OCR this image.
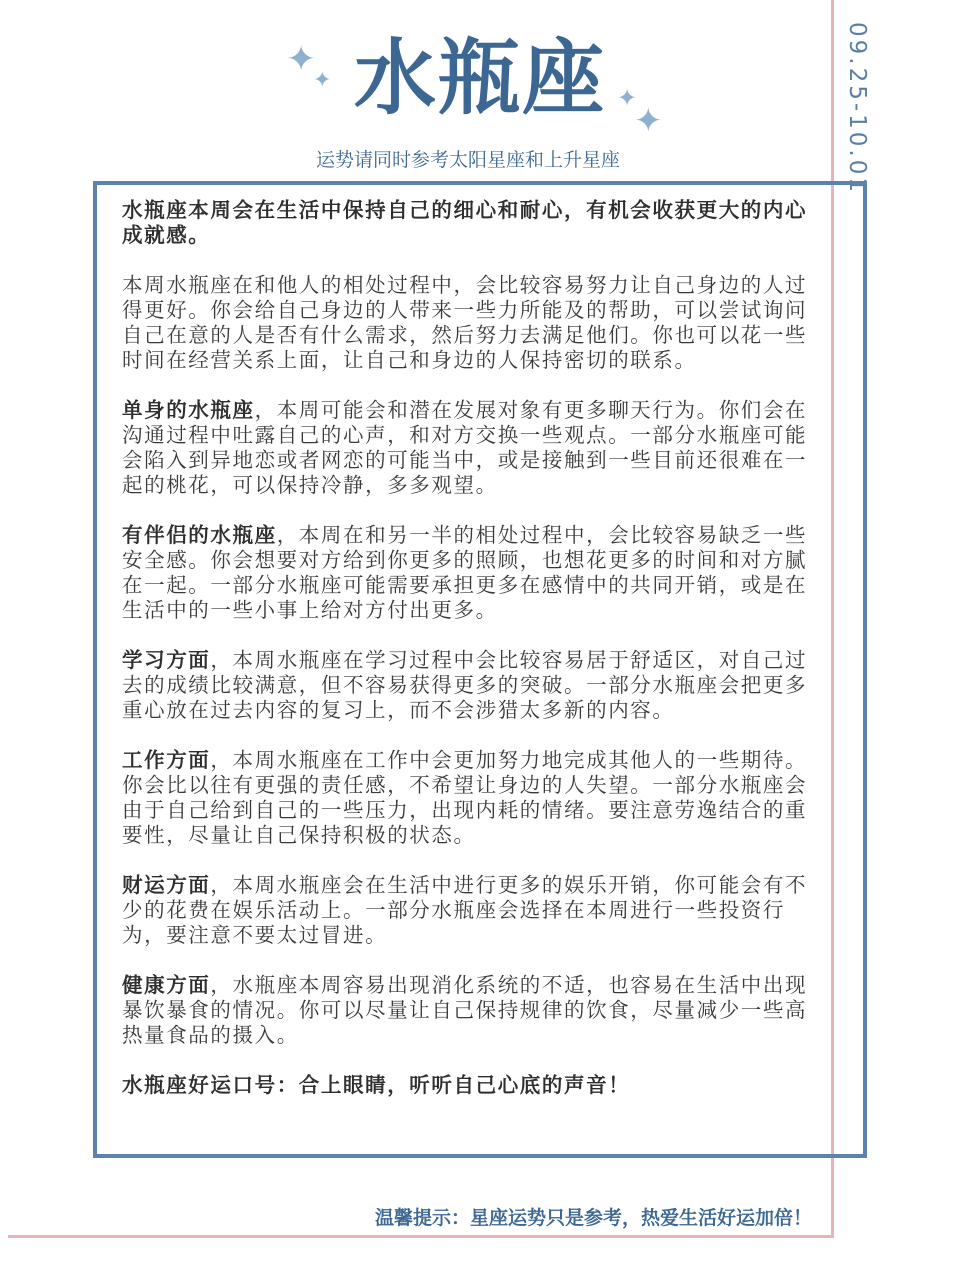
09.25-10.01
✦
✦
✦
✦
水瓶座
运势请同时参考太阳星座和上升星座

水瓶座本周会在生活中保持自己的细心和耐心，有机会收获更大的内心成就感。

本周水瓶座在和他人的相处过程中，会比较容易努力让自己身边的人过得更好。你会给自己身边的人带来一些力所能及的帮助，可以尝试询问自己在意的人是否有什么需求，然后努力去满足他们。你也可以花一些时间在经营关系上面，让自己和身边的人保持密切的联系。

单身的水瓶座，本周可能会和潜在发展对象有更多聊天行为。你们会在沟通过程中吐露自己的心声，和对方交换一些观点。一部分水瓶座可能会陷入到异地恋或者网恋的可能当中，或是接触到一些目前还很难在一起的桃花，可以保持冷静，多多观望。

有伴侣的水瓶座，本周在和另一半的相处过程中，会比较容易缺乏一些安全感。你会想要对方给到你更多的照顾，也想花更多的时间和对方腻在一起。一部分水瓶座可能需要承担更多在感情中的共同开销，或是在生活中的一些小事上给对方付出更多。

学习方面，本周水瓶座在学习过程中会比较容易居于舒适区，对自己过去的成绩比较满意，但不容易获得更多的突破。一部分水瓶座会把更多重心放在过去内容的复习上，而不会涉猎太多新的内容。

工作方面，本周水瓶座在工作中会更加努力地完成其他人的一些期待。你会比以往有更强的责任感，不希望让身边的人失望。一部分水瓶座会由于自己给到自己的一些压力，出现内耗的情绪。要注意劳逸结合的重要性，尽量让自己保持积极的状态。

财运方面，本周水瓶座会在生活中进行更多的娱乐开销，你可能会有不少的花费在娱乐活动上。一部分水瓶座会选择在本周进行一些投资行为，要注意不要太过冒进。

健康方面，水瓶座本周容易出现消化系统的不适，也容易在生活中出现暴饮暴食的情况。你可以尽量让自己保持规律的饮食，尽量减少一些高热量食品的摄入。

水瓶座好运口号：合上眼睛，听听自己心底的声音！

温馨提示：星座运势只是参考，热爱生活好运加倍！
